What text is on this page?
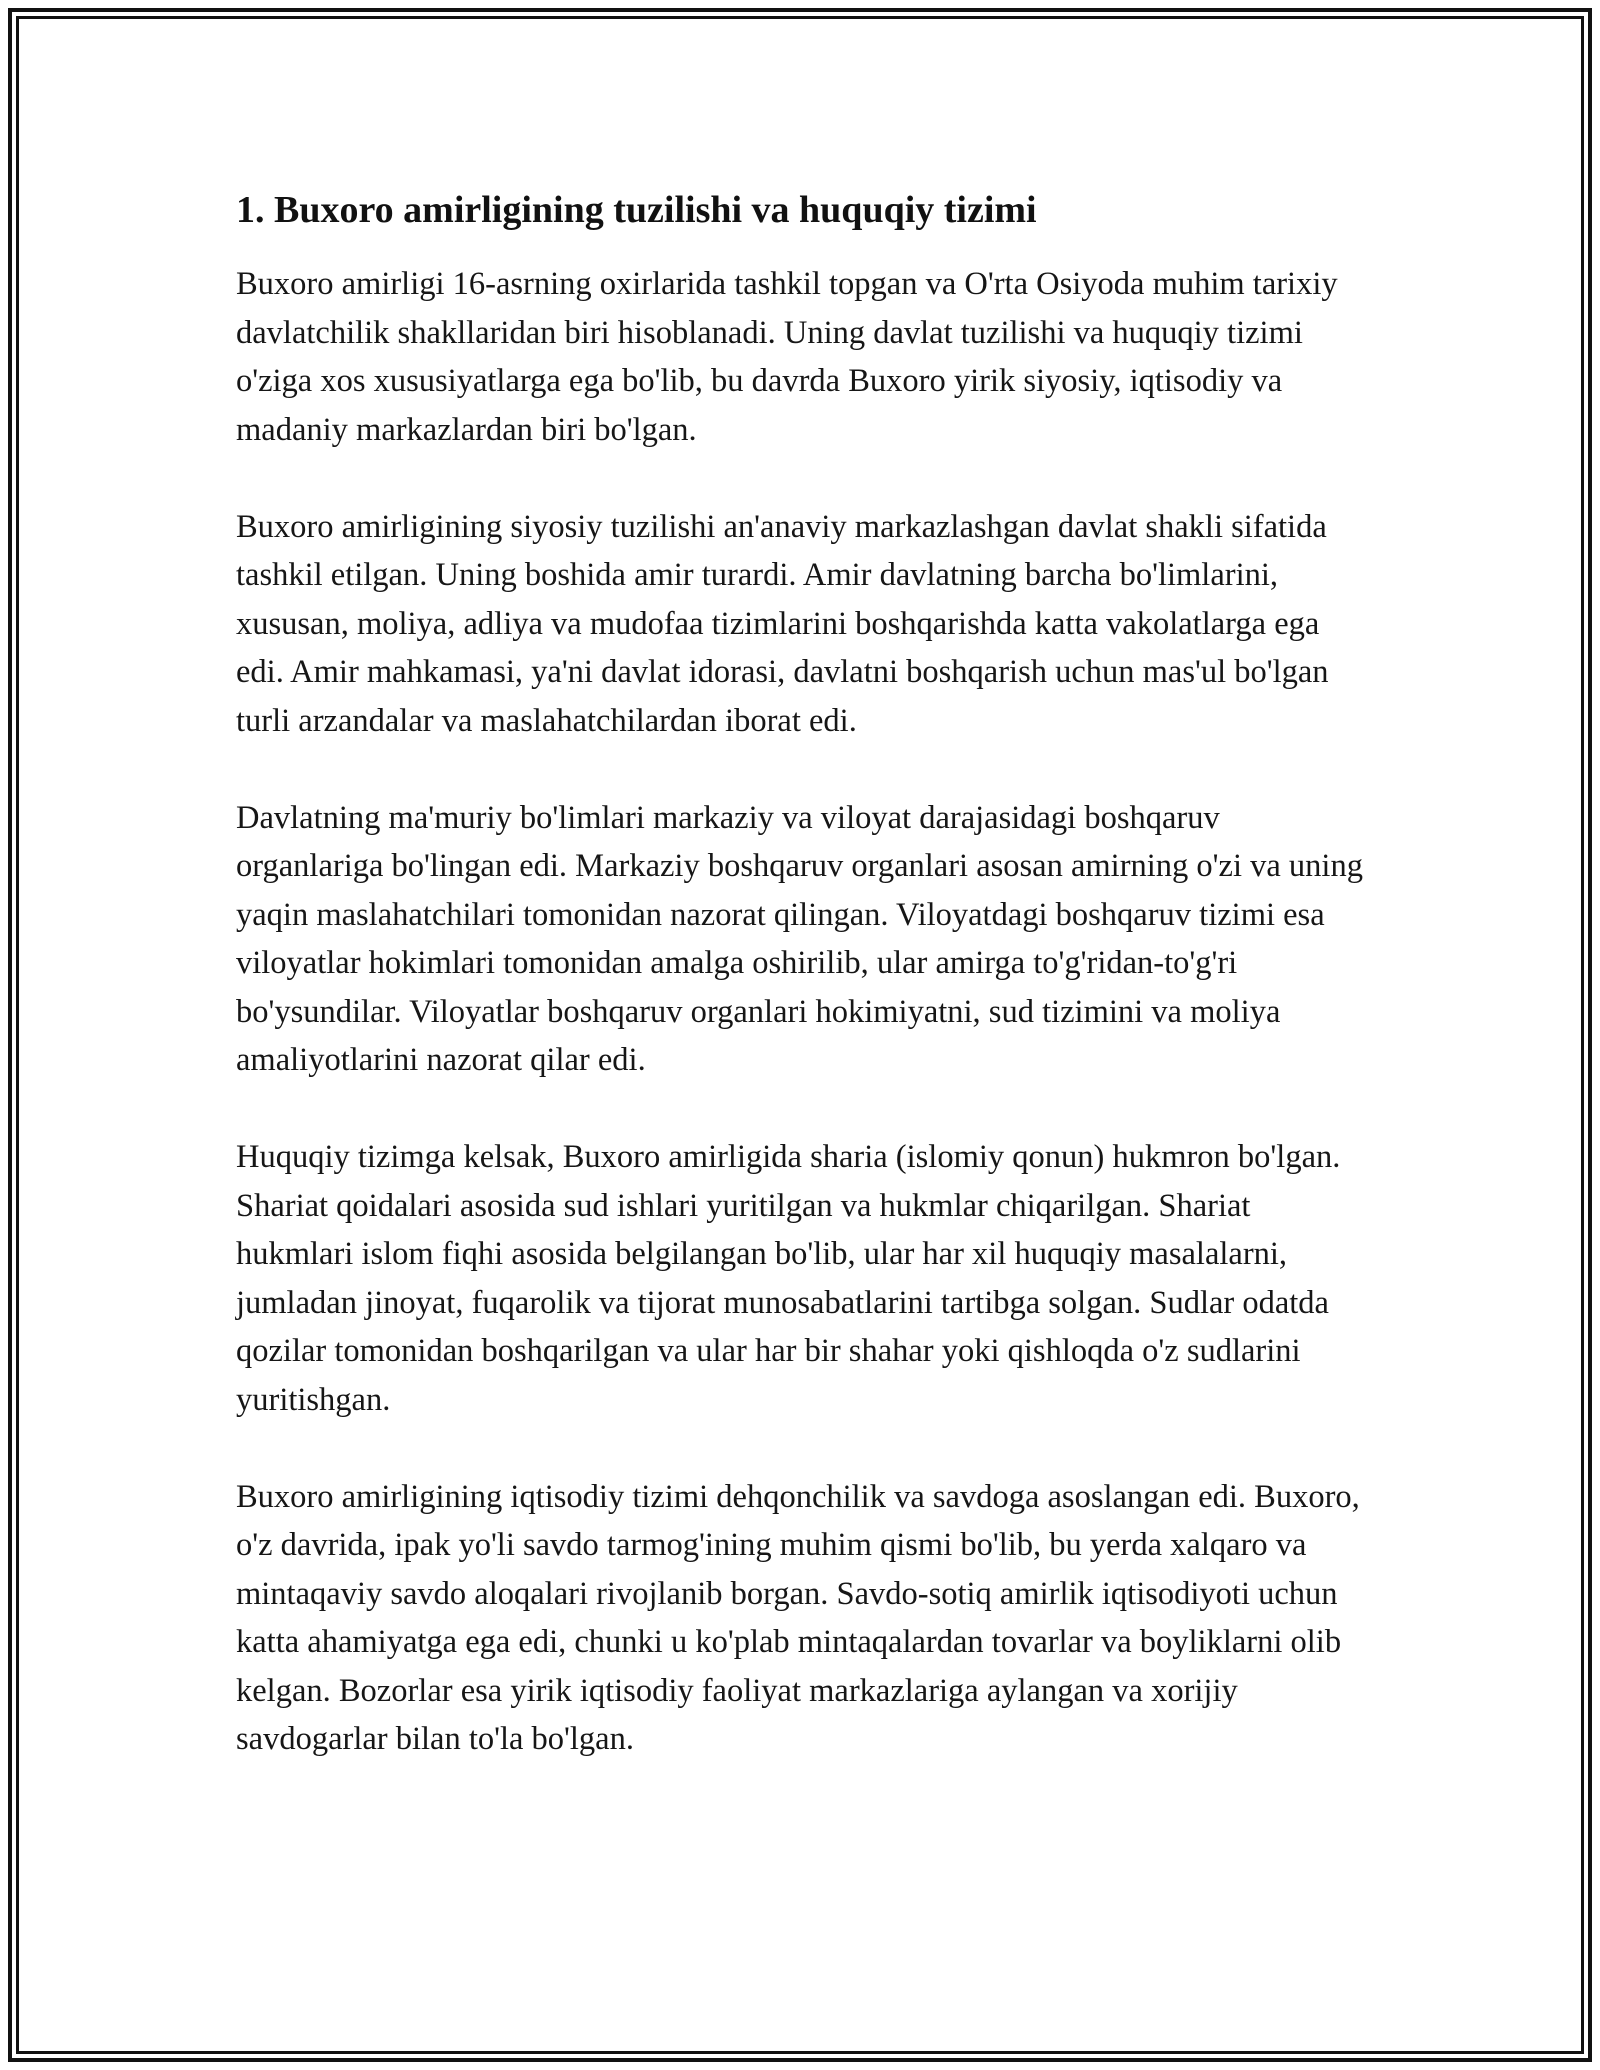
1. Buxoro amirligining tuzilishi va huquqiy tizimi

Buxoro amirligi 16-asrning oxirlarida tashkil topgan va O'rta Osiyoda muhim tarixiy davlatchilik shakllaridan biri hisoblanadi. Uning davlat tuzilishi va huquqiy tizimi o'ziga xos xususiyatlarga ega bo'lib, bu davrda Buxoro yirik siyosiy, iqtisodiy va madaniy markazlardan biri bo'lgan.

Buxoro amirligining siyosiy tuzilishi an'anaviy markazlashgan davlat shakli sifatida tashkil etilgan. Uning boshida amir turardi. Amir davlatning barcha bo'limlarini, xususan, moliya, adliya va mudofaa tizimlarini boshqarishda katta vakolatlarga ega edi. Amir mahkamasi, ya'ni davlat idorasi, davlatni boshqarish uchun mas'ul bo'lgan turli arzandalar va maslahatchilardan iborat edi.

Davlatning ma'muriy bo'limlari markaziy va viloyat darajasidagi boshqaruv organlariga bo'lingan edi. Markaziy boshqaruv organlari asosan amirning o'zi va uning yaqin maslahatchilari tomonidan nazorat qilingan. Viloyatdagi boshqaruv tizimi esa viloyatlar hokimlari tomonidan amalga oshirilib, ular amirga to'g'ridan-to'g'ri bo'ysundilar. Viloyatlar boshqaruv organlari hokimiyatni, sud tizimini va moliya amaliyotlarini nazorat qilar edi.

Huquqiy tizimga kelsak, Buxoro amirligida sharia (islomiy qonun) hukmron bo'lgan. Shariat qoidalari asosida sud ishlari yuritilgan va hukmlar chiqarilgan. Shariat hukmlari islom fiqhi asosida belgilangan bo'lib, ular har xil huquqiy masalalarni, jumladan jinoyat, fuqarolik va tijorat munosabatlarini tartibga solgan. Sudlar odatda qozilar tomonidan boshqarilgan va ular har bir shahar yoki qishloqda o'z sudlarini yuritishgan.

Buxoro amirligining iqtisodiy tizimi dehqonchilik va savdoga asoslangan edi. Buxoro, o'z davrida, ipak yo'li savdo tarmog'ining muhim qismi bo'lib, bu yerda xalqaro va mintaqaviy savdo aloqalari rivojlanib borgan. Savdo-sotiq amirlik iqtisodiyoti uchun katta ahamiyatga ega edi, chunki u ko'plab mintaqalardan tovarlar va boyliklarni olib kelgan. Bozorlar esa yirik iqtisodiy faoliyat markazlariga aylangan va xorijiy savdogarlar bilan to'la bo'lgan.
